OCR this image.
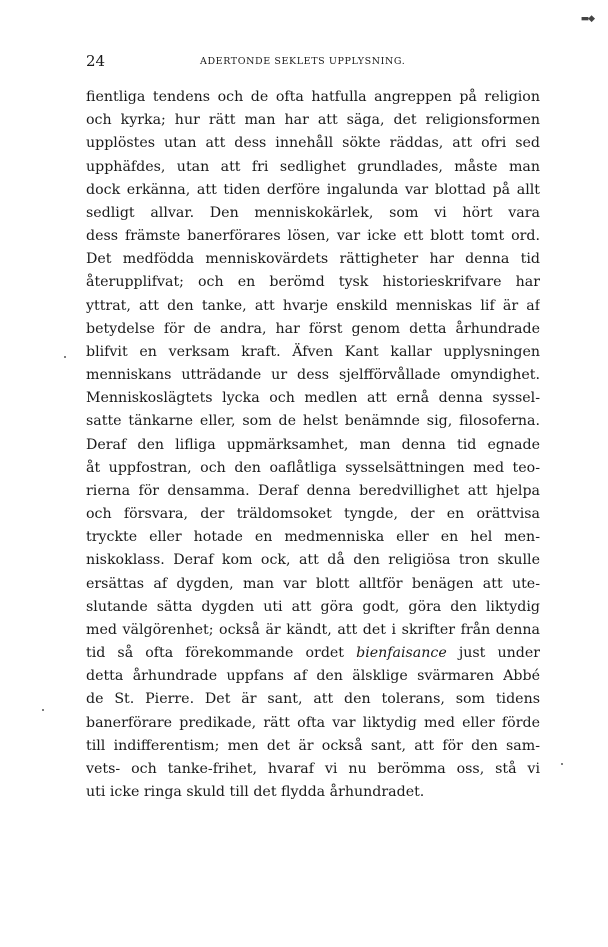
▬◆
24	ADERTONDE SEKLETS UPPLYSNING.
fientliga tendens och de ofta hatfulla angreppen på religion
och kyrka; hur rätt man har att säga, det religionsformen
upplöstes utan att dess innehåll sökte räddas, att ofri sed
upphäfdes, utan att fri sedlighet grundlades, måste man
dock erkänna, att tiden derföre ingalunda var blottad på allt
sedligt allvar. Den menniskokärlek, som vi hört vara
dess främste banerförares lösen, var icke ett blott tomt ord.
Det medfödda menniskovärdets rättigheter har denna tid
återupplifvat; och en berömd tysk historieskrifvare har
yttrat, att den tanke, att hvarje enskild menniskas lif är af
betydelse för de andra, har först genom detta århundrade
blifvit en verksam kraft. Äfven Kant kallar upplysningen
menniskans utträdande ur dess sjelfförvållade omyndighet.
Menniskoslägtets lycka och medlen att ernå denna syssel-
satte tänkarne eller, som de helst benämnde sig, filosoferna.
Deraf den lifliga uppmärksamhet, man denna tid egnade
åt uppfostran, och den oaflåtliga sysselsättningen med teo-
rierna för densamma. Deraf denna beredvillighet att hjelpa
och försvara, der träldomsoket tyngde, der en orättvisa
tryckte eller hotade en medmenniska eller en hel men-
niskoklass. Deraf kom ock, att då den religiösa tron skulle
ersättas af dygden, man var blott alltför benägen att ute-
slutande sätta dygden uti att göra godt, göra den liktydig
med välgörenhet; också är kändt, att det i skrifter från denna
tid så ofta förekommande ordet bienfaisance just under
detta århundrade uppfans af den älsklige svärmaren Abbé
de St. Pierre. Det är sant, att den tolerans, som tidens
banerförare predikade, rätt ofta var liktydig med eller förde
till indifferentism; men det är också sant, att för den sam-
vets- och tanke-frihet, hvaraf vi nu berömma oss, stå vi
uti icke ringa skuld till det flydda århundradet.
